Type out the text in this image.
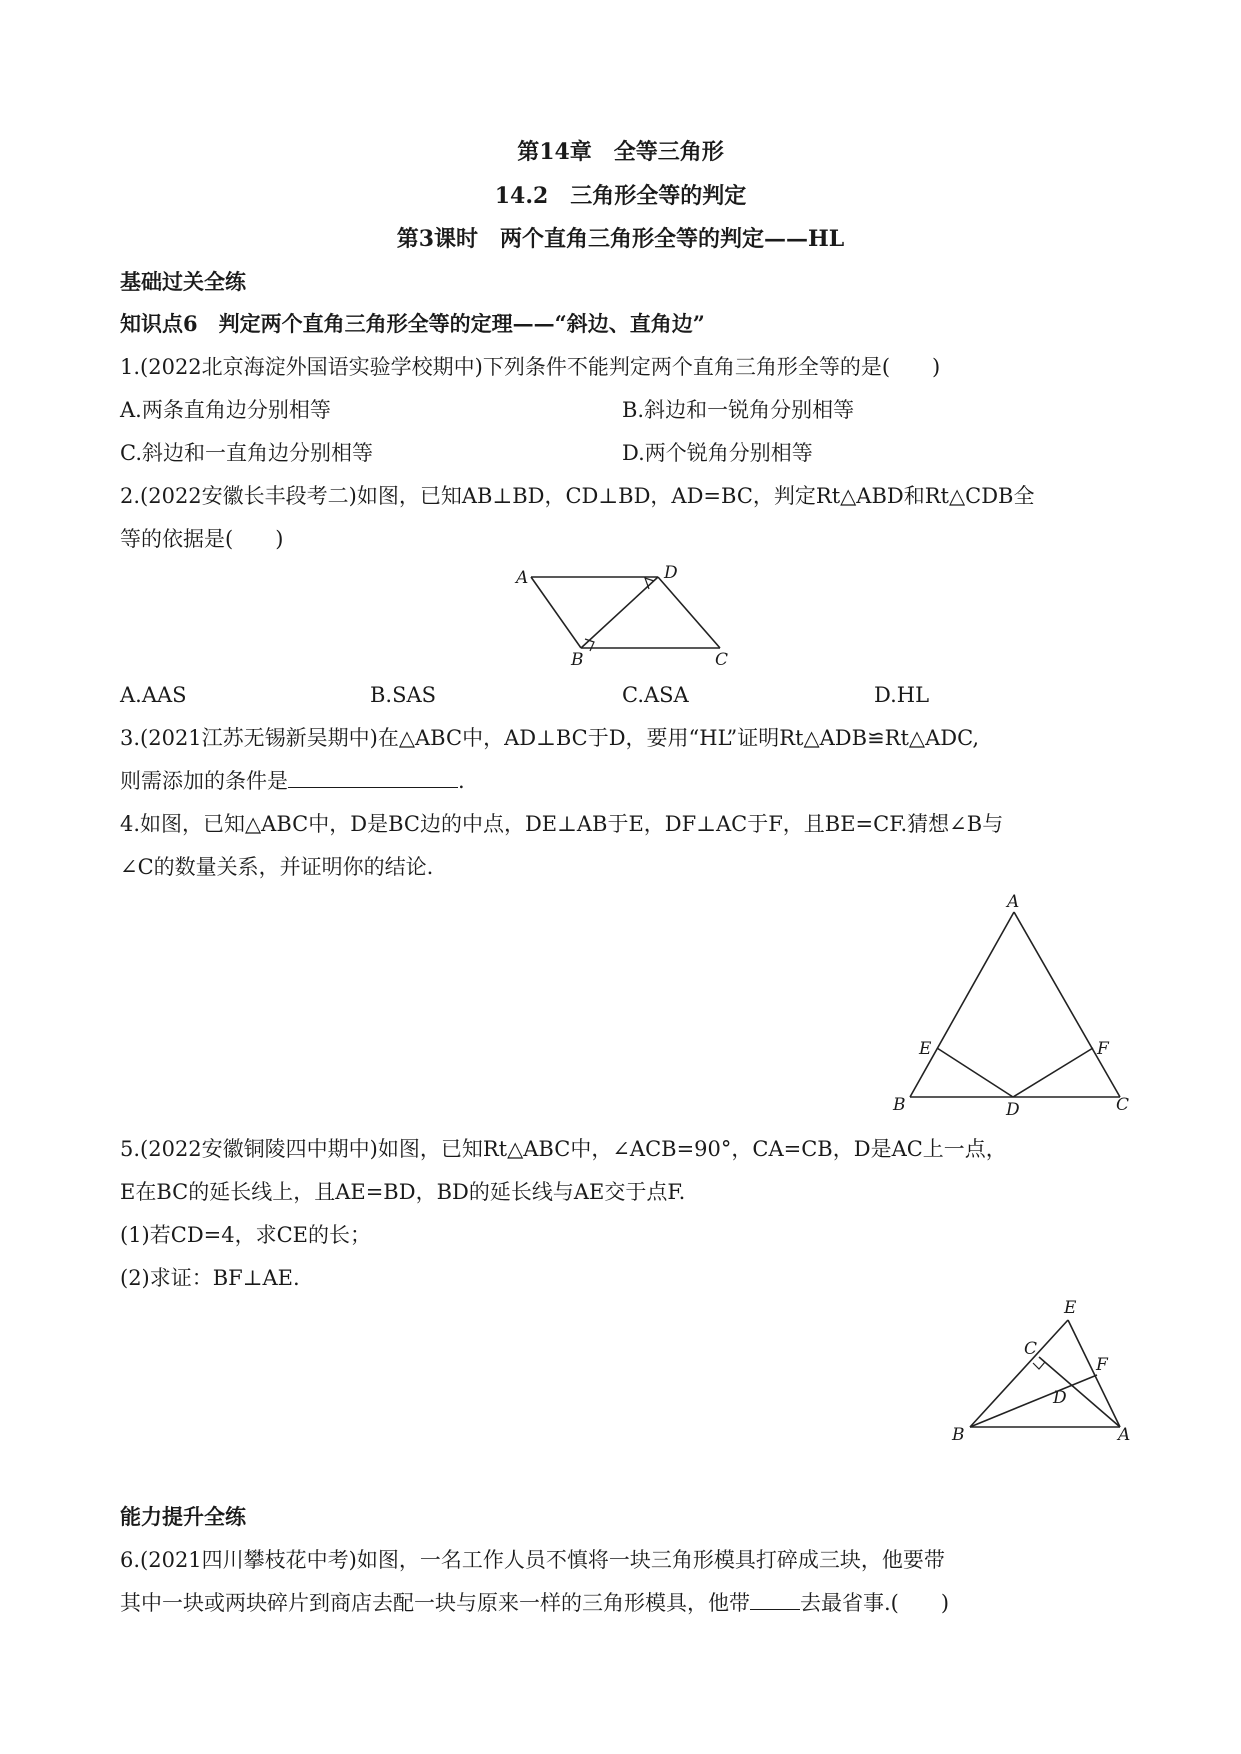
第14章　全等三角形
14.2　三角形全等的判定
第3课时　两个直角三角形全等的判定——HL
基础过关全练
知识点6　判定两个直角三角形全等的定理——“斜边、直角边”
1.(2022北京海淀外国语实验学校期中)下列条件不能判定两个直角三角形全等的是(　　)
A.两条直角边分别相等	B.斜边和一锐角分别相等
C.斜边和一直角边分别相等	D.两个锐角分别相等
2.(2022安徽长丰段考二)如图，已知AB⊥BD，CD⊥BD，AD=BC，判定Rt△ABD和Rt△CDB全
等的依据是(　　)
A.AAS	B.SAS	C.ASA	D.HL
3.(2021江苏无锡新吴期中)在△ABC中，AD⊥BC于D，要用“HL”证明Rt△ADB≌Rt△ADC,
则需添加的条件是	.
4.如图，已知△ABC中，D是BC边的中点，DE⊥AB于E，DF⊥AC于F，且BE=CF.猜想∠B与
∠C的数量关系，并证明你的结论.
5.(2022安徽铜陵四中期中)如图，已知Rt△ABC中，∠ACB=90°，CA=CB，D是AC上一点，
E在BC的延长线上，且AE=BD，BD的延长线与AE交于点F.
(1)若CD=4，求CE的长；
(2)求证：BF⊥AE.
能力提升全练
6.(2021四川攀枝花中考)如图，一名工作人员不慎将一块三角形模具打碎成三块，他要带
其中一块或两块碎片到商店去配一块与原来一样的三角形模具，他带 去最省事.(　　)
A	D
B	C
A
B	C
D
E	F
E
C
F
D
B	A
